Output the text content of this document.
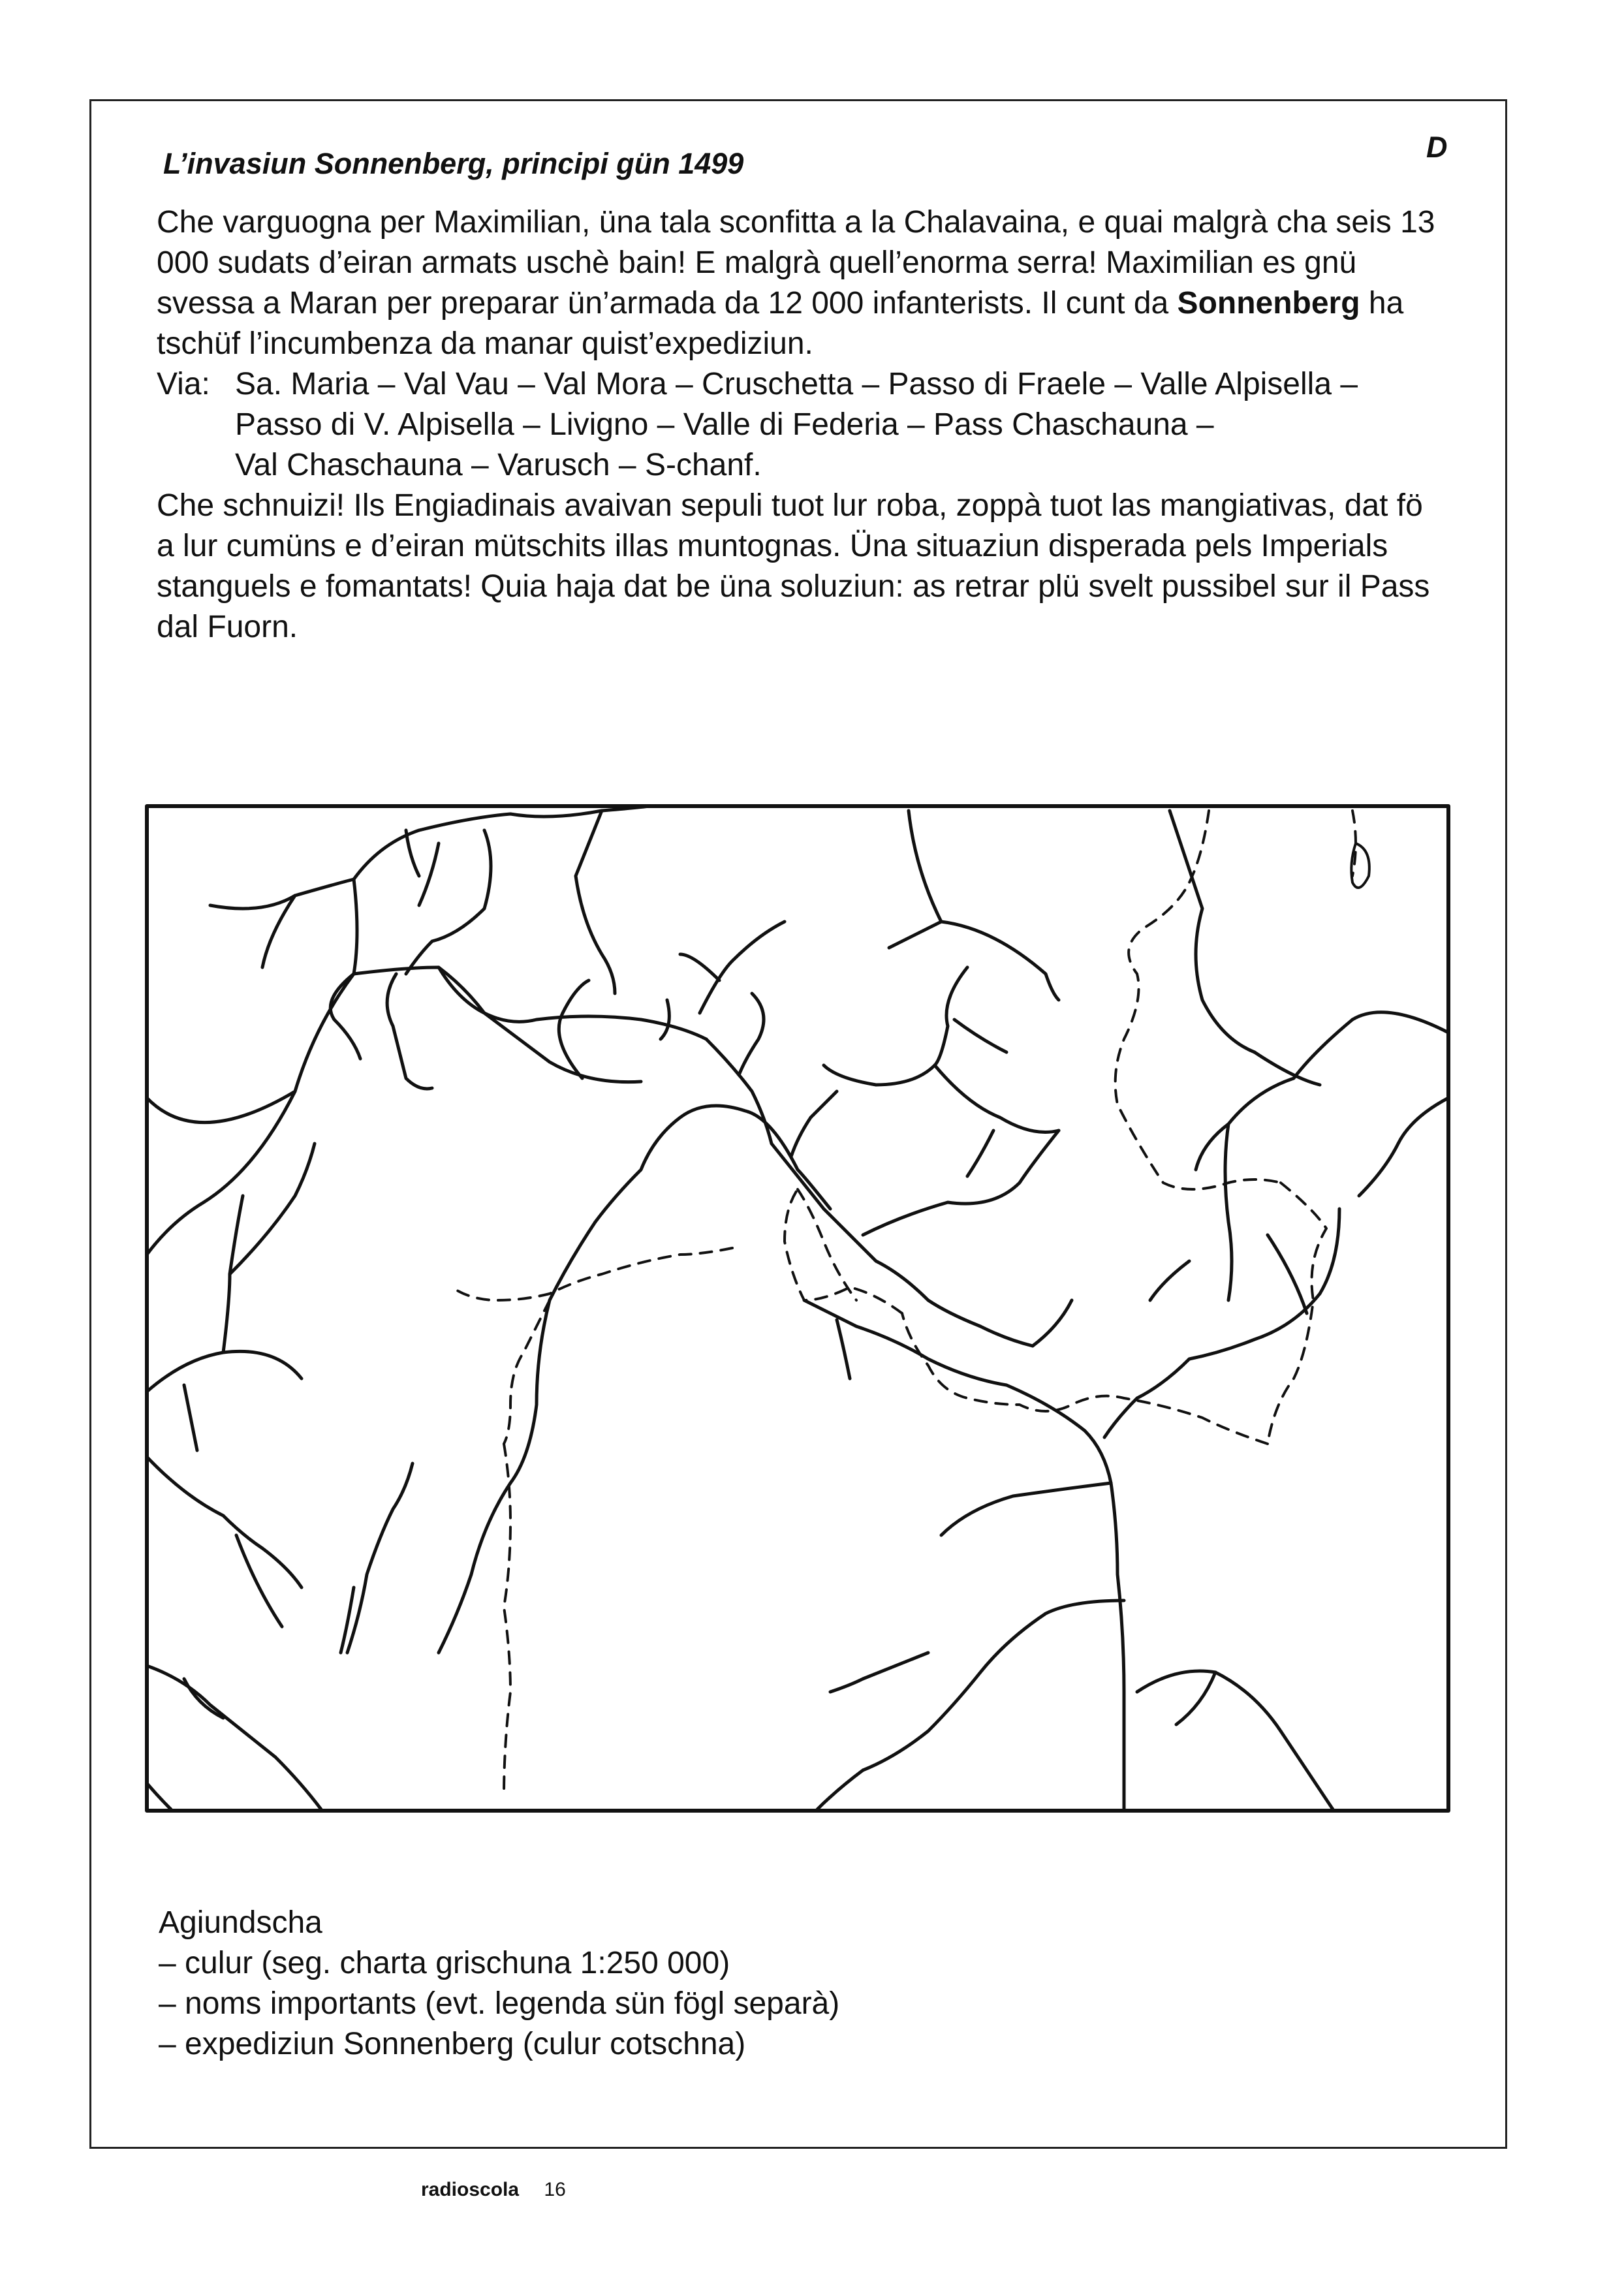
L’invasiun Sonnenberg, principi gün 1499	D

Che varguogna per Maximilian, üna tala sconfitta a la Chalavaina, e quai malgrà cha seis 13 000 sudats d’eiran armats uschè bain! E malgrà quell’enorma serra! Maximilian es gnü svessa a Maran per preparar ün’armada da 12 000 infanterists. Il cunt da Sonnenberg ha tschüf l’incumbenza da manar quist’expediziun.

Via: Sa. Maria – Val Vau – Val Mora – Cruschetta – Passo di Fraele – Valle Alpisella – Passo di V. Alpisella – Livigno – Valle di Federia – Pass Chaschauna – Val Chaschauna – Varusch – S-chanf.

Che schnuizi! Ils Engiadinais avaivan sepuli tuot lur roba, zoppà tuot las mangiativas, dat fö a lur cumüns e d’eiran mütschits illas muntognas. Üna situaziun disperada pels Imperials stanguels e fomantats! Quia haja dat be üna soluziun: as retrar plü svelt pussibel sur il Pass dal Fuorn.

Agiundscha
– culur (seg. charta grischuna 1:250 000)
– noms importants (evt. legenda sün fögl separà)
– expediziun Sonnenberg (culur cotschna)
radioscola 16
